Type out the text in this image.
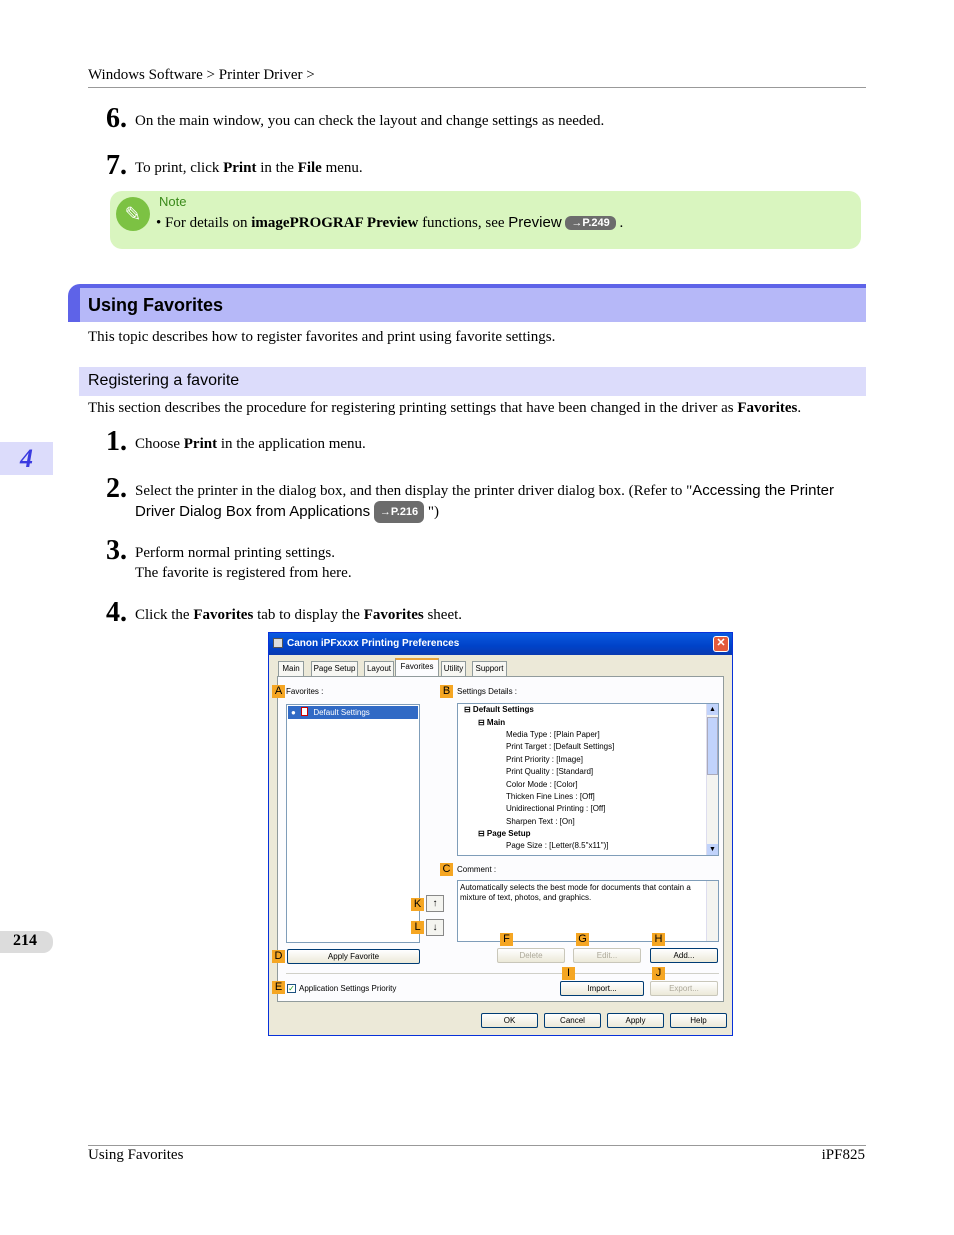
Windows Software > Printer Driver >
6. On the main window, you can check the layout and change settings as needed.
7. To print, click Print in the File menu.
✎
Note
• For details on imagePROGRAF Preview functions, see Preview →P.249 .
Using Favorites
This topic describes how to register favorites and print using favorite settings.
Registering a favorite
This section describes the procedure for registering printing settings that have been changed in the driver as Favorites.
4
1. Choose Print in the application menu.
2. Select the printer in the dialog box, and then display the printer driver dialog box. (Refer to "Accessing the Printer
Driver Dialog Box from Applications →P.216 ")
3. Perform normal printing settings.
The favorite is registered from here.
4. Click the Favorites tab to display the Favorites sheet.
214
Canon iPFxxxx Printing Preferences	✕
Main	Page Setup	Layout	Favorites	Utility	Support
A Favorites :
● Default Settings
B Settings Details :
⊟ Default Settings
⊟ Main
Media Type : [Plain Paper]
Print Target : [Default Settings]
Print Priority : [Image]
Print Quality : [Standard]
Color Mode : [Color]
Thicken Fine Lines : [Off]
Unidirectional Printing : [Off]
Sharpen Text : [On]
⊟ Page Setup
Page Size : [Letter(8.5"x11")]
▲
▼
C Comment :
Automatically selects the best mode for documents that contain a mixture of text, photos, and graphics.
K	↑
L	↓
F	G	H
D	Apply Favorite	Delete	Edit...	Add...
I	J
E ✓ Application Settings Priority	Import...	Export...
OK	Cancel	Apply	Help
Using Favorites	iPF825
